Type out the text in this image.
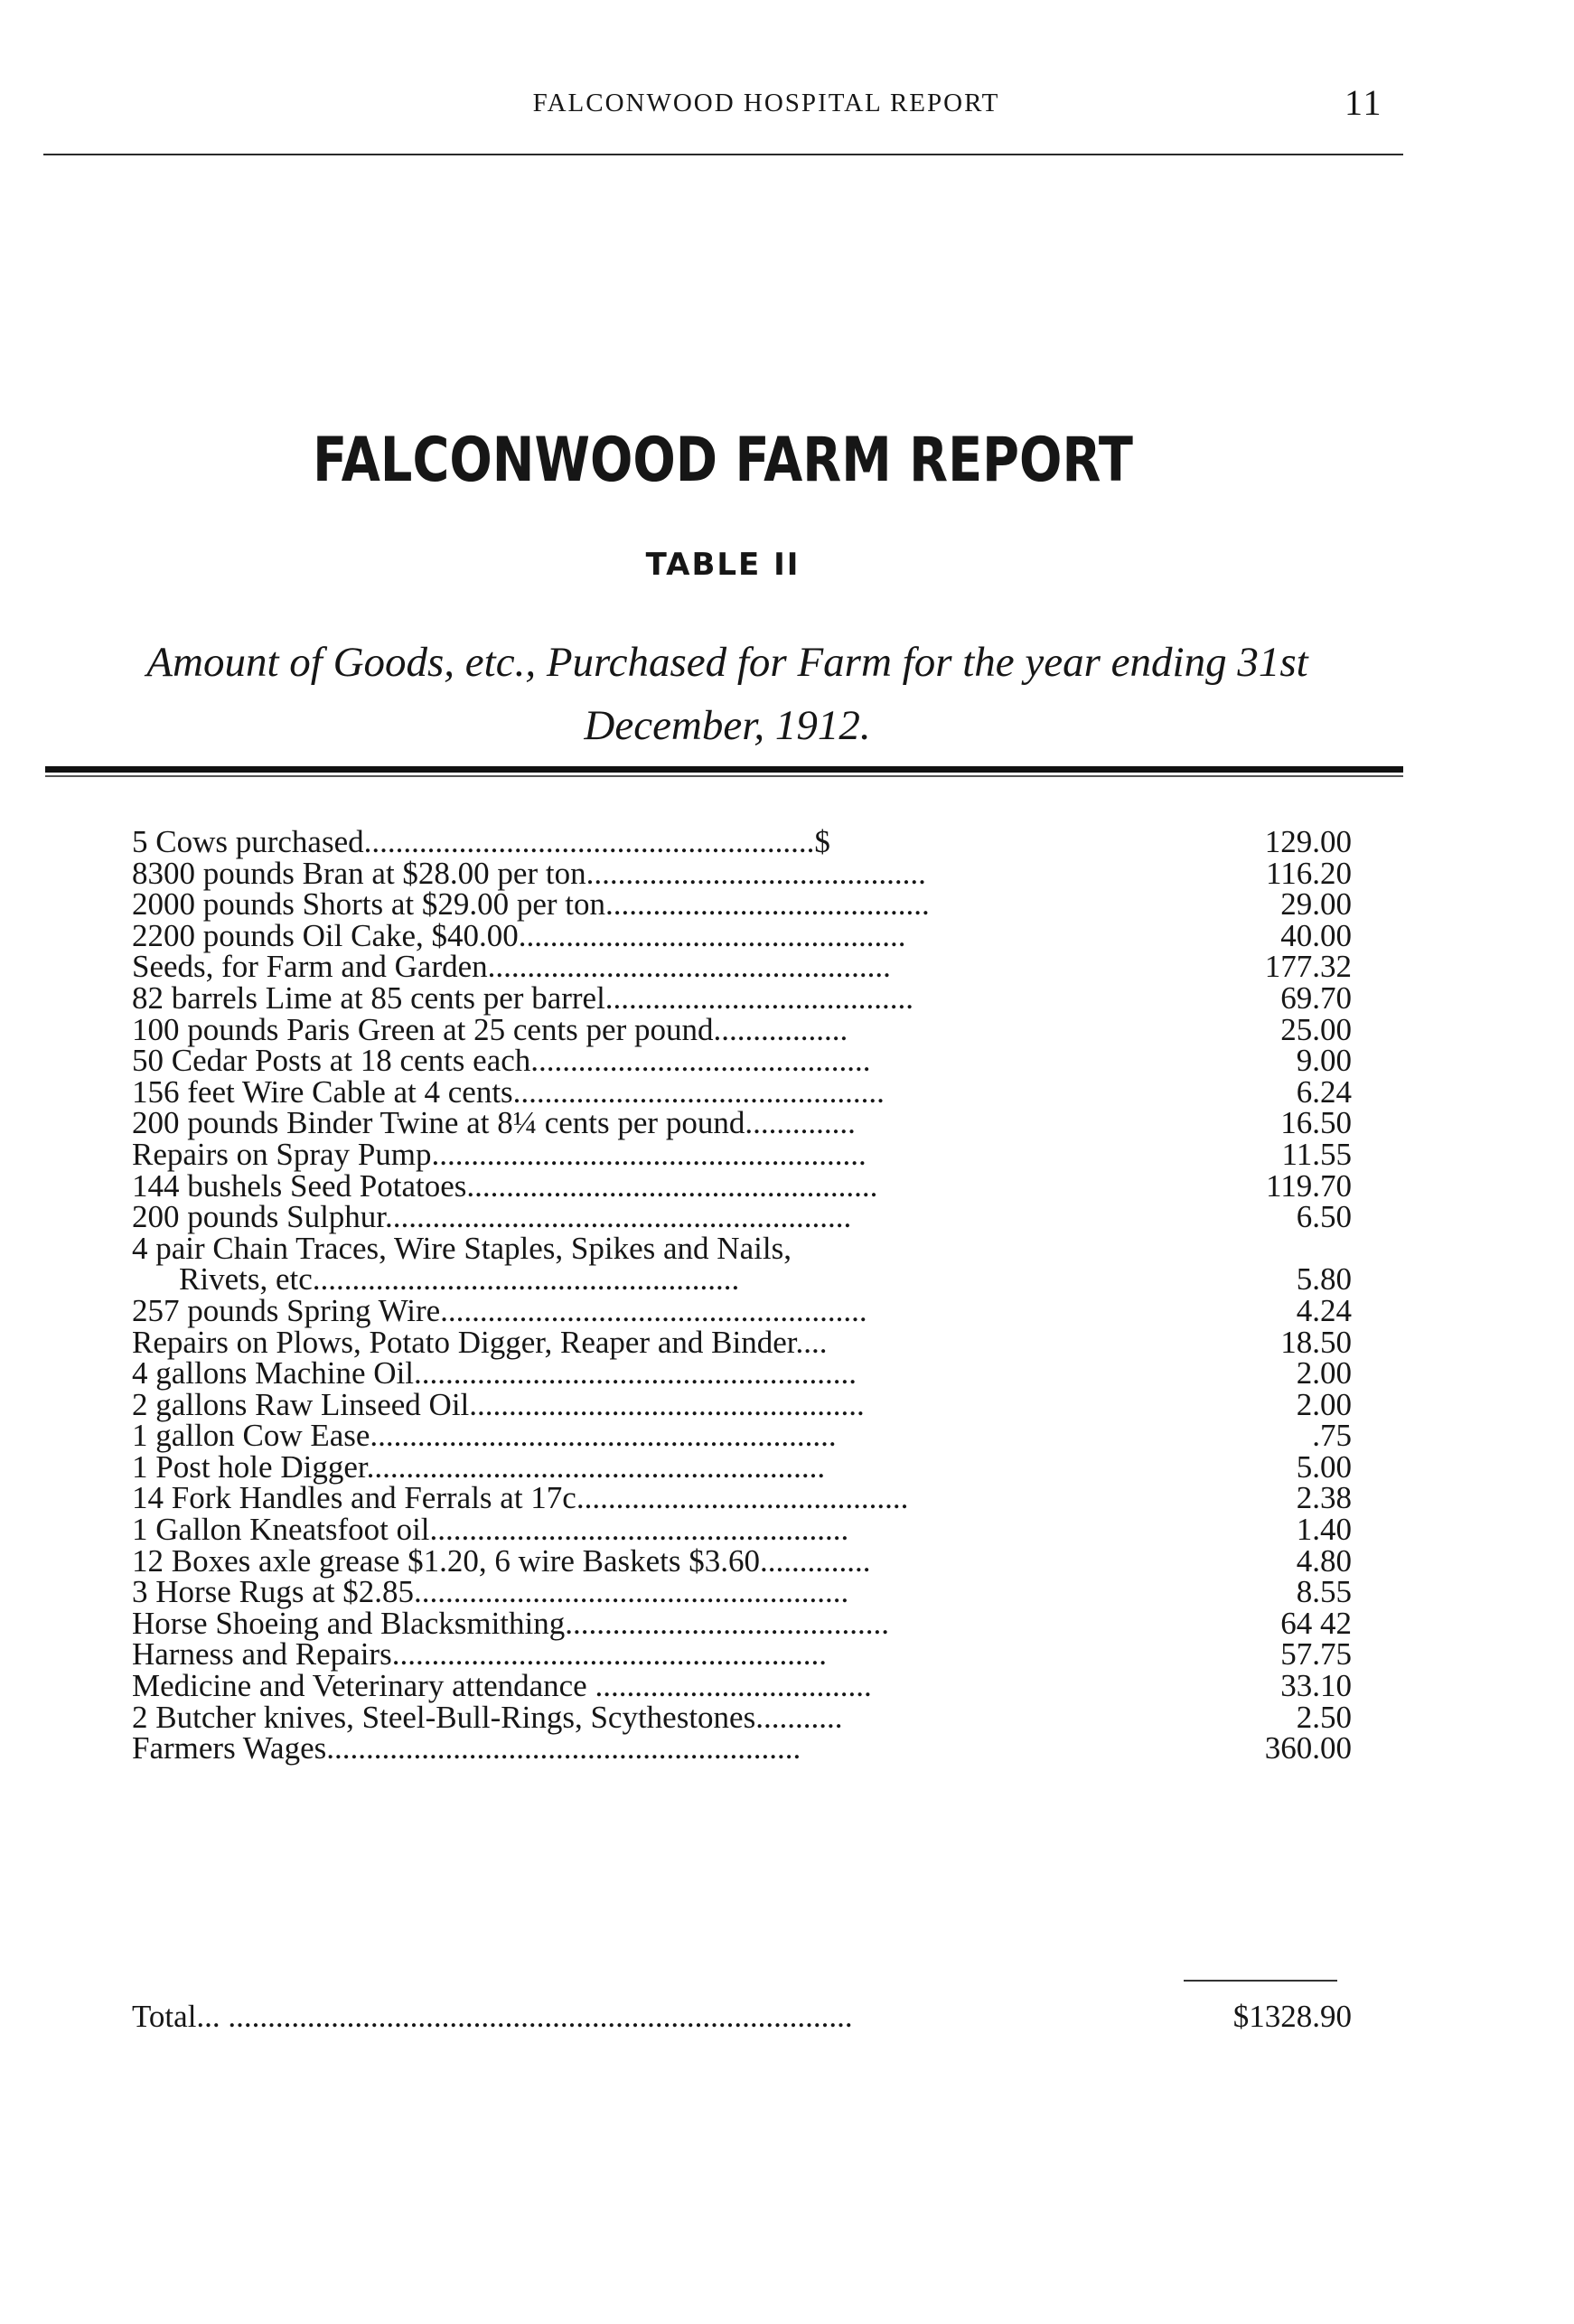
FALCONWOOD HOSPITAL REPORT	11
FALCONWOOD FARM REPORT
TABLE II
Amount of Goods, etc., Purchased for Farm for the year ending 31st
December, 1912.
5 Cows purchased.........................................................$	129.00
8300 pounds Bran at $28.00 per ton...........................................	116.20
2000 pounds Shorts at $29.00 per ton.........................................	29.00
2200 pounds Oil Cake, $40.00.................................................	40.00
Seeds, for Farm and Garden...................................................	177.32
82 barrels Lime at 85 cents per barrel.......................................	69.70
100 pounds Paris Green at 25 cents per pound.................	25.00
50 Cedar Posts at 18 cents each...........................................	9.00
156 feet Wire Cable at 4 cents...............................................	6.24
200 pounds Binder Twine at 8¼ cents per pound..............	16.50
Repairs on Spray Pump.......................................................	11.55
144 bushels Seed Potatoes....................................................	119.70
200 pounds Sulphur...........................................................	6.50
4 pair Chain Traces, Wire Staples, Spikes and Nails,
Rivets, etc......................................................	5.80
257 pounds Spring Wire......................................................	4.24
Repairs on Plows, Potato Digger, Reaper and Binder....	18.50
4 gallons Machine Oil........................................................	2.00
2 gallons Raw Linseed Oil..................................................	2.00
1 gallon Cow Ease...........................................................	.75
1 Post hole Digger..........................................................	5.00
14 Fork Handles and Ferrals at 17c..........................................	2.38
1 Gallon Kneatsfoot oil.....................................................	1.40
12 Boxes axle grease $1.20, 6 wire Baskets $3.60..............	4.80
3 Horse Rugs at $2.85.......................................................	8.55
Horse Shoeing and Blacksmithing.........................................	64 42
Harness and Repairs.......................................................	57.75
Medicine and Veterinary attendance ...................................	33.10
2 Butcher knives, Steel-Bull-Rings, Scythestones...........	2.50
Farmers Wages............................................................	360.00
Total... ...............................................................................	$1328.90
